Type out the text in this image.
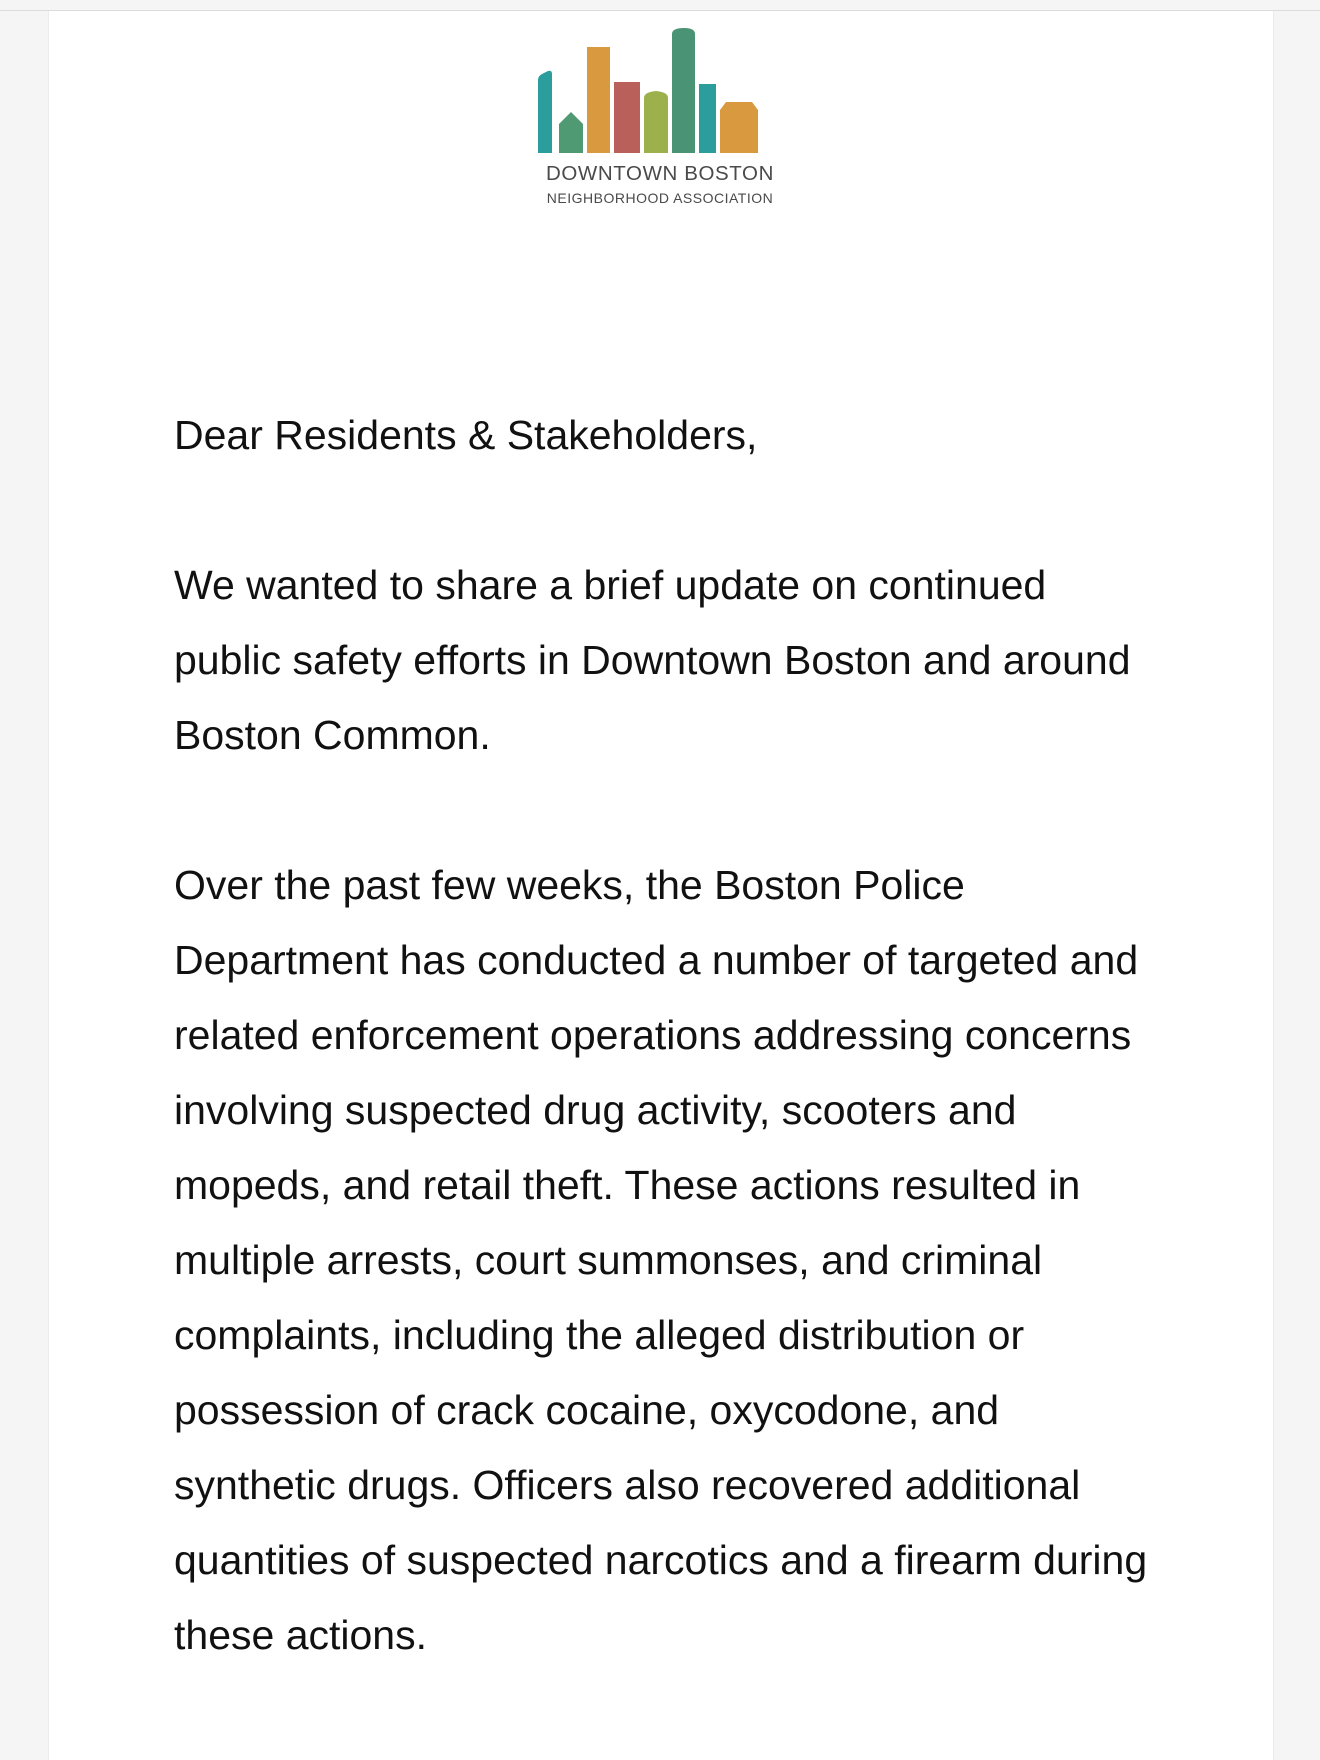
DOWNTOWN BOSTON
NEIGHBORHOOD ASSOCIATION

Dear Residents & Stakeholders,

We wanted to share a brief update on continued public safety efforts in Downtown Boston and around Boston Common.

Over the past few weeks, the Boston Police Department has conducted a number of targeted and related enforcement operations addressing concerns involving suspected drug activity, scooters and mopeds, and retail theft. These actions resulted in multiple arrests, court summonses, and criminal complaints, including the alleged distribution or possession of crack cocaine, oxycodone, and synthetic drugs. Officers also recovered additional quantities of suspected narcotics and a firearm during these actions.
